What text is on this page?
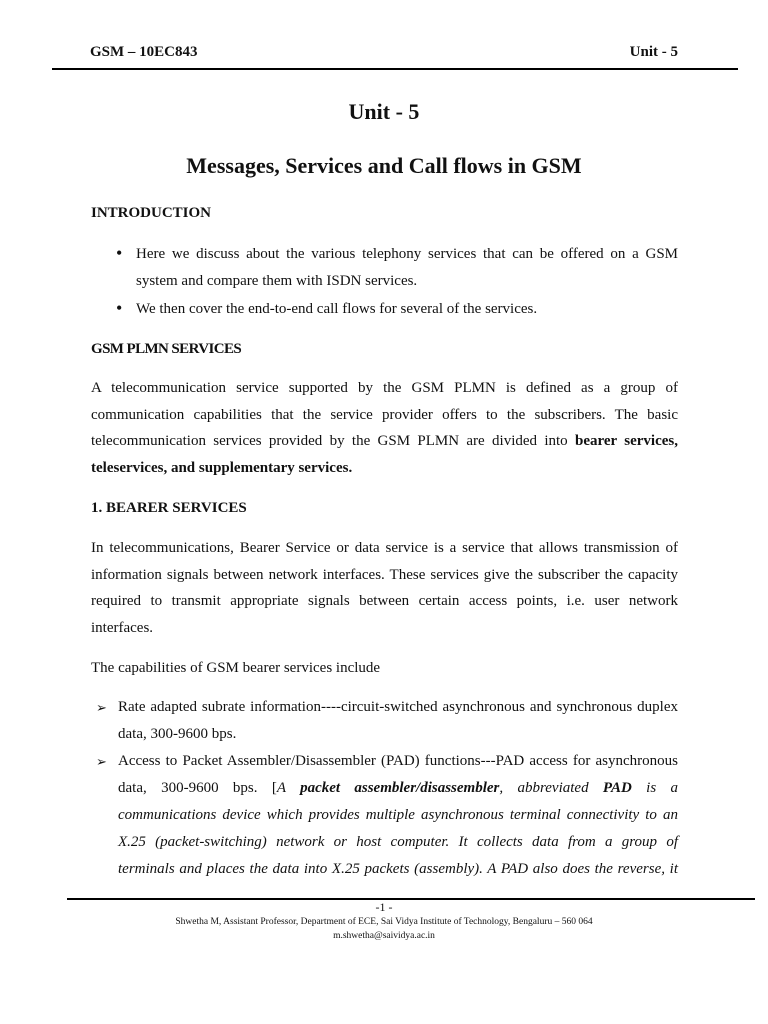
GSM – 10EC843	Unit - 5
Unit - 5
Messages, Services and Call flows in GSM
INTRODUCTION
• Here we discuss about the various telephony services that can be offered on a GSM
system and compare them with ISDN services.
• We then cover the end-to-end call flows for several of the services.
GSM PLMN SERVICES
A telecommunication service supported by the GSM PLMN is defined as a group of
communication capabilities that the service provider offers to the subscribers. The basic
telecommunication services provided by the GSM PLMN are divided into bearer services,
teleservices, and supplementary services.
1. BEARER SERVICES
In telecommunications, Bearer Service or data service is a service that allows transmission of
information signals between network interfaces. These services give the subscriber the capacity
required to transmit appropriate signals between certain access points, i.e. user network
interfaces.
The capabilities of GSM bearer services include
➢ Rate adapted subrate information----circuit-switched asynchronous and synchronous duplex
data, 300-9600 bps.
➢ Access to Packet Assembler/Disassembler (PAD) functions---PAD access for asynchronous
data, 300-9600 bps. [A packet assembler/disassembler, abbreviated PAD is a
communications device which provides multiple asynchronous terminal connectivity to an
X.25 (packet-switching) network or host computer. It collects data from a group of
terminals and places the data into X.25 packets (assembly). A PAD also does the reverse, it
-1 -
Shwetha M, Assistant Professor, Department of ECE, Sai Vidya Institute of Technology, Bengaluru – 560 064
m.shwetha@saividya.ac.in
